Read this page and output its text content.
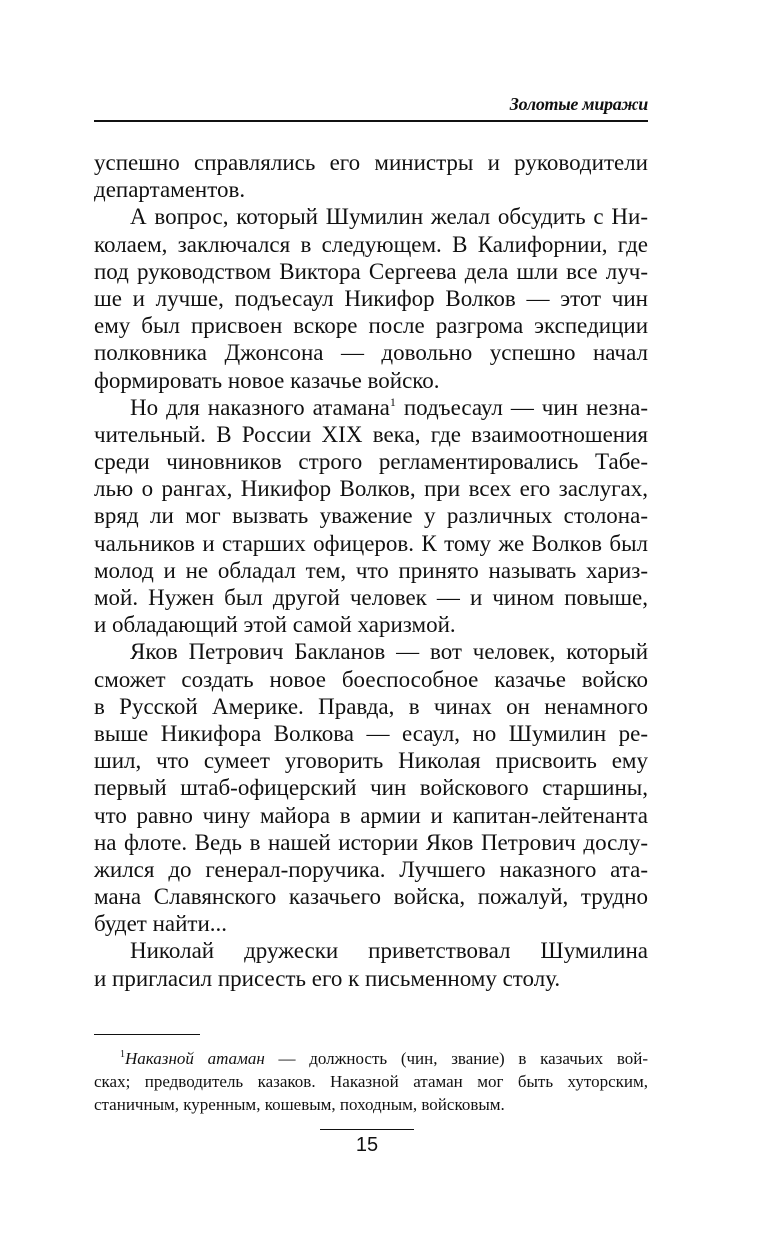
Золотые миражи
успешно справлялись его министры и руководители
департаментов.
А вопрос, который Шумилин желал обсудить с Ни-
колаем, заключался в следующем. В Калифорнии, где
под руководством Виктора Сергеева дела шли все луч-
ше и лучше, подъесаул Никифор Волков — этот чин
ему был присвоен вскоре после разгрома экспедиции
полковника Джонсона — довольно успешно начал
формировать новое казачье войско.
Но для наказного атамана$^1$ подъесаул — чин незна-
чительный. В России XIX века, где взаимоотношения
среди чиновников строго регламентировались Табе-
лью о рангах, Никифор Волков, при всех его заслугах,
вряд ли мог вызвать уважение у различных столона-
чальников и старших офицеров. К тому же Волков был
молод и не обладал тем, что принято называть хариз-
мой. Нужен был другой человек — и чином повыше,
и обладающий этой самой харизмой.
Яков Петрович Бакланов — вот человек, который
сможет создать новое боеспособное казачье войско
в Русской Америке. Правда, в чинах он ненамного
выше Никифора Волкова — есаул, но Шумилин ре-
шил, что сумеет уговорить Николая присвоить ему
первый штаб-офицерский чин войскового старшины,
что равно чину майора в армии и капитан-лейтенанта
на флоте. Ведь в нашей истории Яков Петрович дослу-
жился до генерал-поручика. Лучшего наказного ата-
мана Славянского казачьего войска, пожалуй, трудно
будет найти...
Николай дружески приветствовал Шумилина
и пригласил присесть его к письменному столу.
$^1$Наказной атаман — должность (чин, звание) в казачьих вой-
сках; предводитель казаков. Наказной атаман мог быть хуторским,
станичным, куренным, кошевым, походным, войсковым.
15
